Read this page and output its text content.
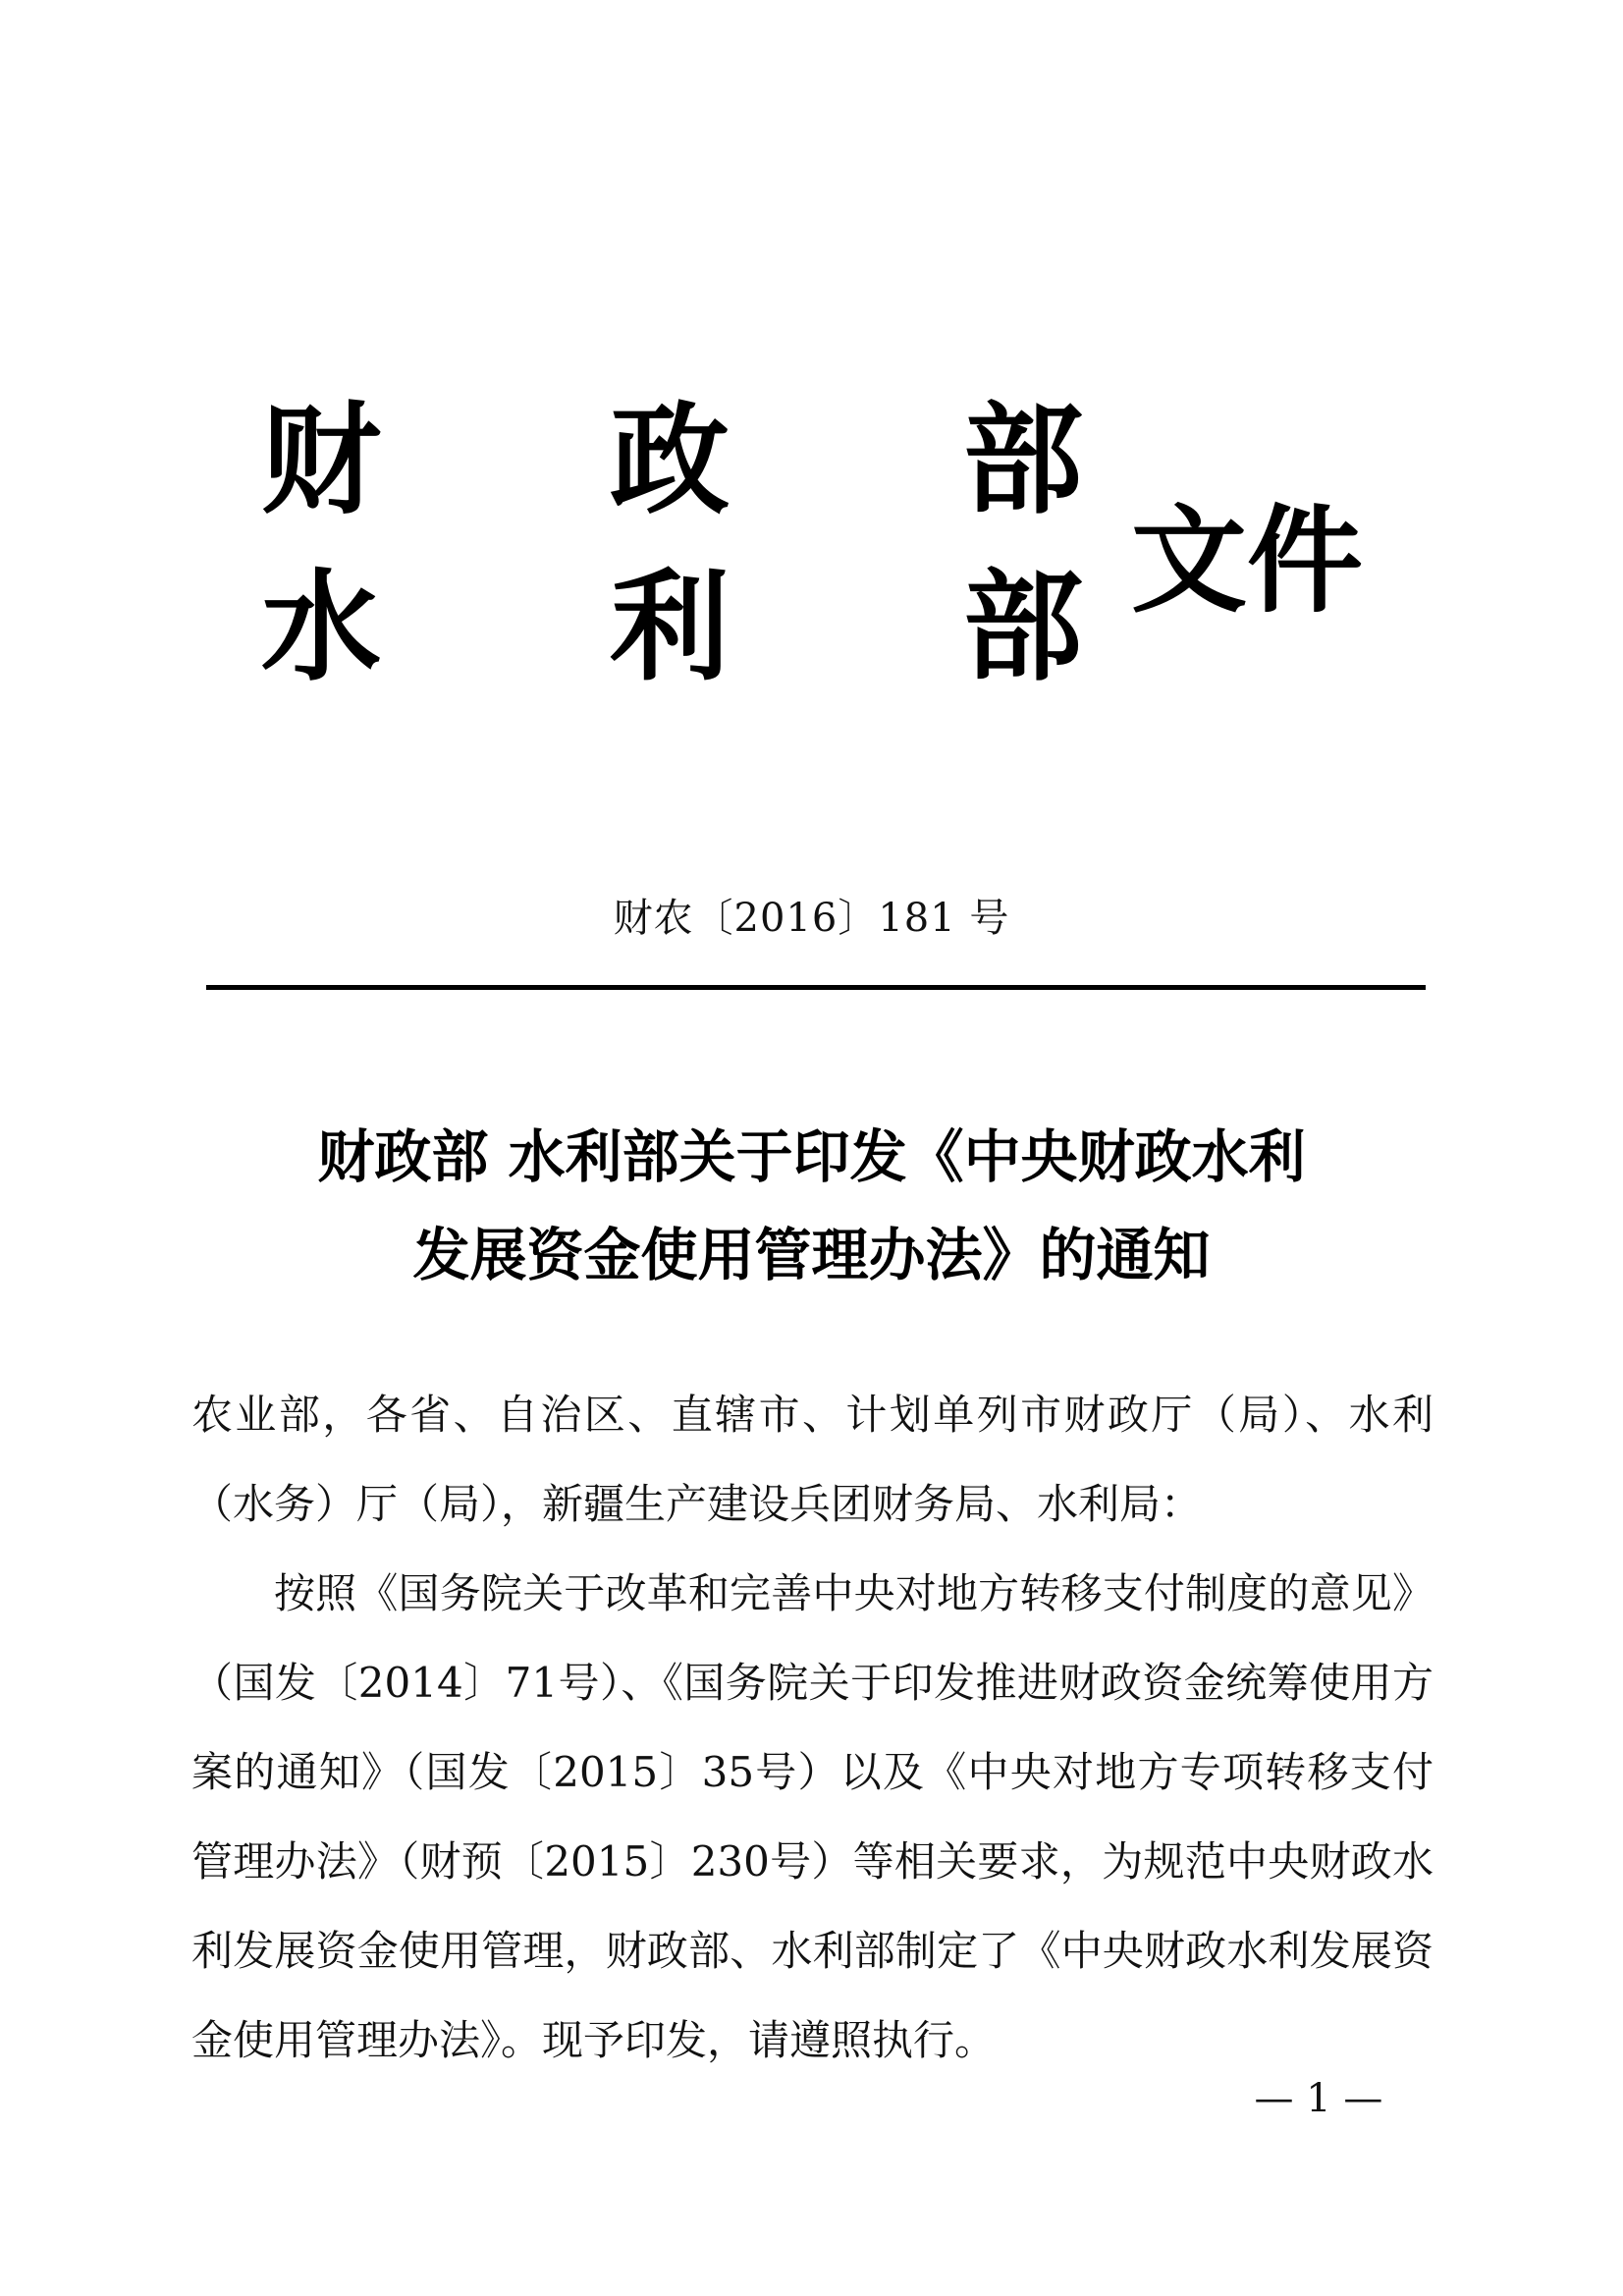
财 政 部
水 利 部 文件
财农〔2016〕181 号
财政部 水利部关于印发《中央财政水利
发展资金使用管理办法》的通知

农业部，各省、自治区、直辖市、计划单列市财政厅（局）、水利（水务）厅（局），新疆生产建设兵团财务局、水利局：

按照《国务院关于改革和完善中央对地方转移支付制度的意见》（国发〔2014〕71号）、《国务院关于印发推进财政资金统筹使用方案的通知》（国发〔2015〕35号）以及《中央对地方专项转移支付管理办法》（财预〔2015〕230号）等相关要求，为规范中央财政水利发展资金使用管理，财政部、水利部制定了《中央财政水利发展资金使用管理办法》。现予印发，请遵照执行。

— 1 —
